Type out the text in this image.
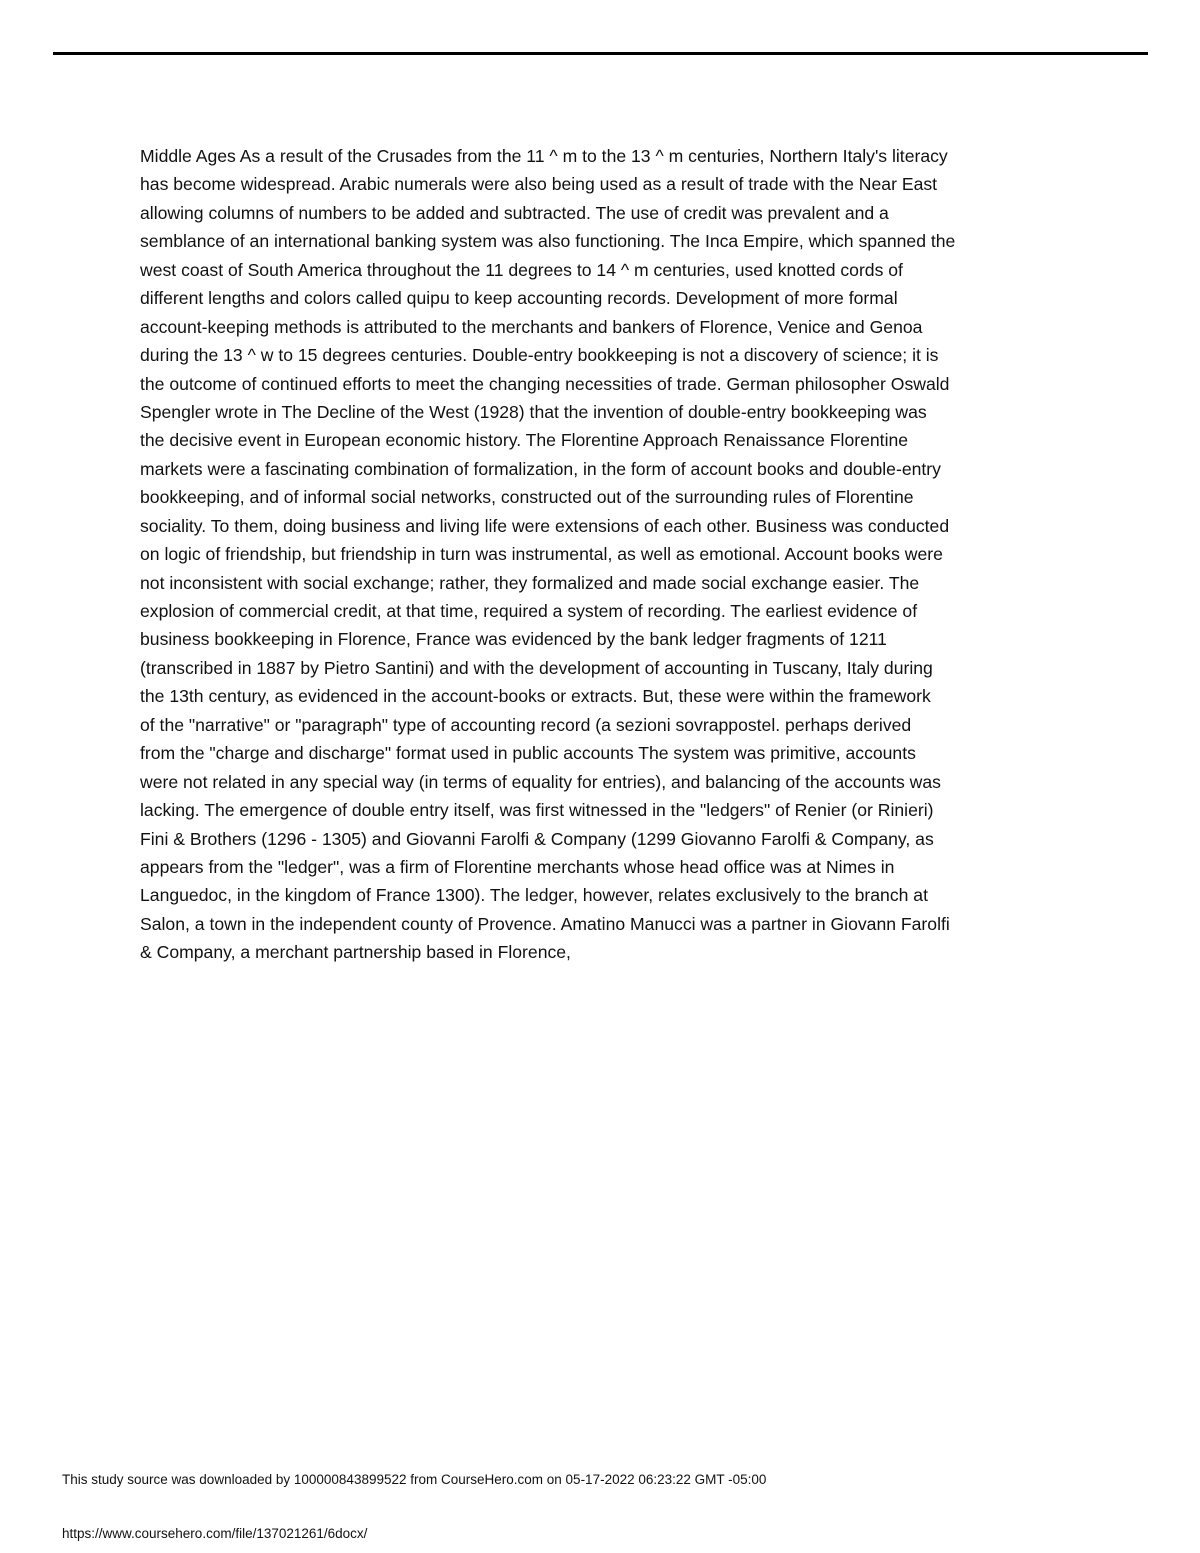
Middle Ages As a result of the Crusades from the 11 ^ m to the 13 ^ m centuries, Northern Italy's literacy
has become widespread. Arabic numerals were also being used as a result of trade with the Near East
allowing columns of numbers to be added and subtracted. The use of credit was prevalent and a
semblance of an international banking system was also functioning. The Inca Empire, which spanned the
west coast of South America throughout the 11 degrees to 14 ^ m centuries, used knotted cords of
different lengths and colors called quipu to keep accounting records. Development of more formal
account-keeping methods is attributed to the merchants and bankers of Florence, Venice and Genoa
during the 13 ^ w to 15 degrees centuries. Double-entry bookkeeping is not a discovery of science; it is
the outcome of continued efforts to meet the changing necessities of trade. German philosopher Oswald
Spengler wrote in The Decline of the West (1928) that the invention of double-entry bookkeeping was
the decisive event in European economic history. The Florentine Approach Renaissance Florentine
markets were a fascinating combination of formalization, in the form of account books and double-entry
bookkeeping, and of informal social networks, constructed out of the surrounding rules of Florentine
sociality. To them, doing business and living life were extensions of each other. Business was conducted
on logic of friendship, but friendship in turn was instrumental, as well as emotional. Account books were
not inconsistent with social exchange; rather, they formalized and made social exchange easier. The
explosion of commercial credit, at that time, required a system of recording. The earliest evidence of
business bookkeeping in Florence, France was evidenced by the bank ledger fragments of 1211
(transcribed in 1887 by Pietro Santini) and with the development of accounting in Tuscany, Italy during
the 13th century, as evidenced in the account-books or extracts. But, these were within the framework
of the "narrative" or "paragraph" type of accounting record (a sezioni sovrappostel. perhaps derived
from the "charge and discharge" format used in public accounts The system was primitive, accounts
were not related in any special way (in terms of equality for entries), and balancing of the accounts was
lacking. The emergence of double entry itself, was first witnessed in the "ledgers" of Renier (or Rinieri)
Fini & Brothers (1296 - 1305) and Giovanni Farolfi & Company (1299 Giovanno Farolfi & Company, as
appears from the "ledger", was a firm of Florentine merchants whose head office was at Nimes in
Languedoc, in the kingdom of France 1300). The ledger, however, relates exclusively to the branch at
Salon, a town in the independent county of Provence. Amatino Manucci was a partner in Giovann Farolfi
& Company, a merchant partnership based in Florence,
This study source was downloaded by 100000843899522 from CourseHero.com on 05-17-2022 06:23:22 GMT -05:00
https://www.coursehero.com/file/137021261/6docx/
